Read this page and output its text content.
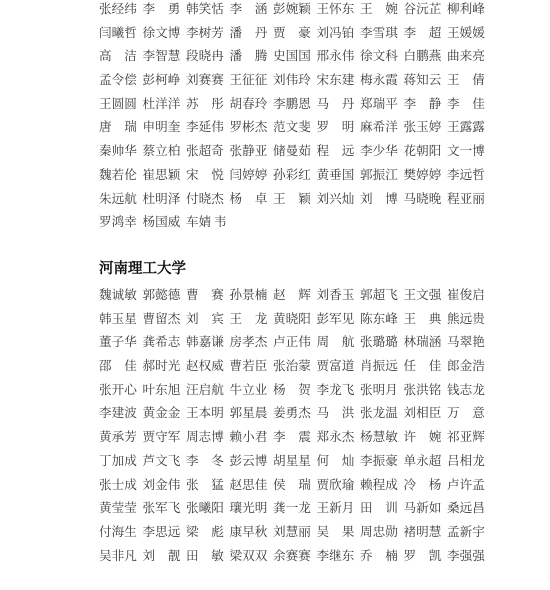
张经纬 李　勇 韩笑恬 李　涵 彭婉颖 王怀东 王　婉 谷沅芷 柳利峰
闫曦哲 徐文博 李树芳 潘　丹 贾　豪 刘冯铂 李雪琪 李　超 王媛媛
高　洁 李智慧 段晓冉 潘　腾 史国国 邢永伟 徐文科 白鹏燕 曲来亮
孟令偿 彭柯峥 刘赛赛 王征征 刘伟玲 宋东建 梅永霞 蒋知云 王　倩
王圆圆 杜洋洋 苏　彤 胡春玲 李鹏恩 马　丹 郑瑞平 李　静 李　佳
唐　瑞 申明奎 李延伟 罗彬杰 范文斐 罗　明 麻希洋 张玉婷 王露露
秦帅华 蔡立柏 张超奇 张静亚 储曼茹 程　远 李少华 花朝阳 文一博
魏若伦 崔思颖 宋　悦 闫婷婷 孙彩红 黄垂国 郭振江 樊婷婷 李远哲
朱远航 杜明泽 付晓杰 杨　卓 王　颖 刘兴灿 刘　博 马晓晚 程亚丽
罗鸿幸 杨国威 车婧 韦
河南理工大学
魏诚敏 郭懿德 曹　赛 孙景楠 赵　辉 刘香玉 郭超飞 王文强 崔俊启
韩玉星 曹留杰 刘　宾 王　龙 黄晓阳 彭军见 陈东峰 王　典 熊远贵
董子华 龚希志 韩嘉谦 房孝杰 卢正伟 周　航 张璐璐 林瑞涵 马翠艳
邵　佳 郝时光 赵权威 曹若臣 张治蒙 贾富道 肖振远 任　佳 郎金浩
张开心 叶东旭 汪启航 牛立业 杨　贺 李龙飞 张明月 张洪铭 钱志龙
李建波 黄金金 王本明 郭星晨 姜勇杰 马　洪 张龙温 刘相臣 万　意
黄承芳 贾守军 周志博 赖小君 李　震 郑永杰 杨慧敏 许　婉 祁亚辉
丁加成 芦文飞 李　冬 彭云博 胡星星 何　灿 李振豪 单永超 吕相龙
张士成 刘金伟 张　猛 赵思佳 侯　瑞 贾欣瑜 赖程成 冷　杨 卢许孟
黄莹莹 张军飞 张曦阳 瓖光明 龚一龙 王新月 田　训 马新如 桑远昌
付海生 李思远 梁　彪 康早秋 刘慧丽 吴　果 周忠勋 褚明慧 孟新宇
吴非凡 刘　靓 田　敏 梁双双 余赛赛 李继东 乔　楠 罗　凯 李强强
